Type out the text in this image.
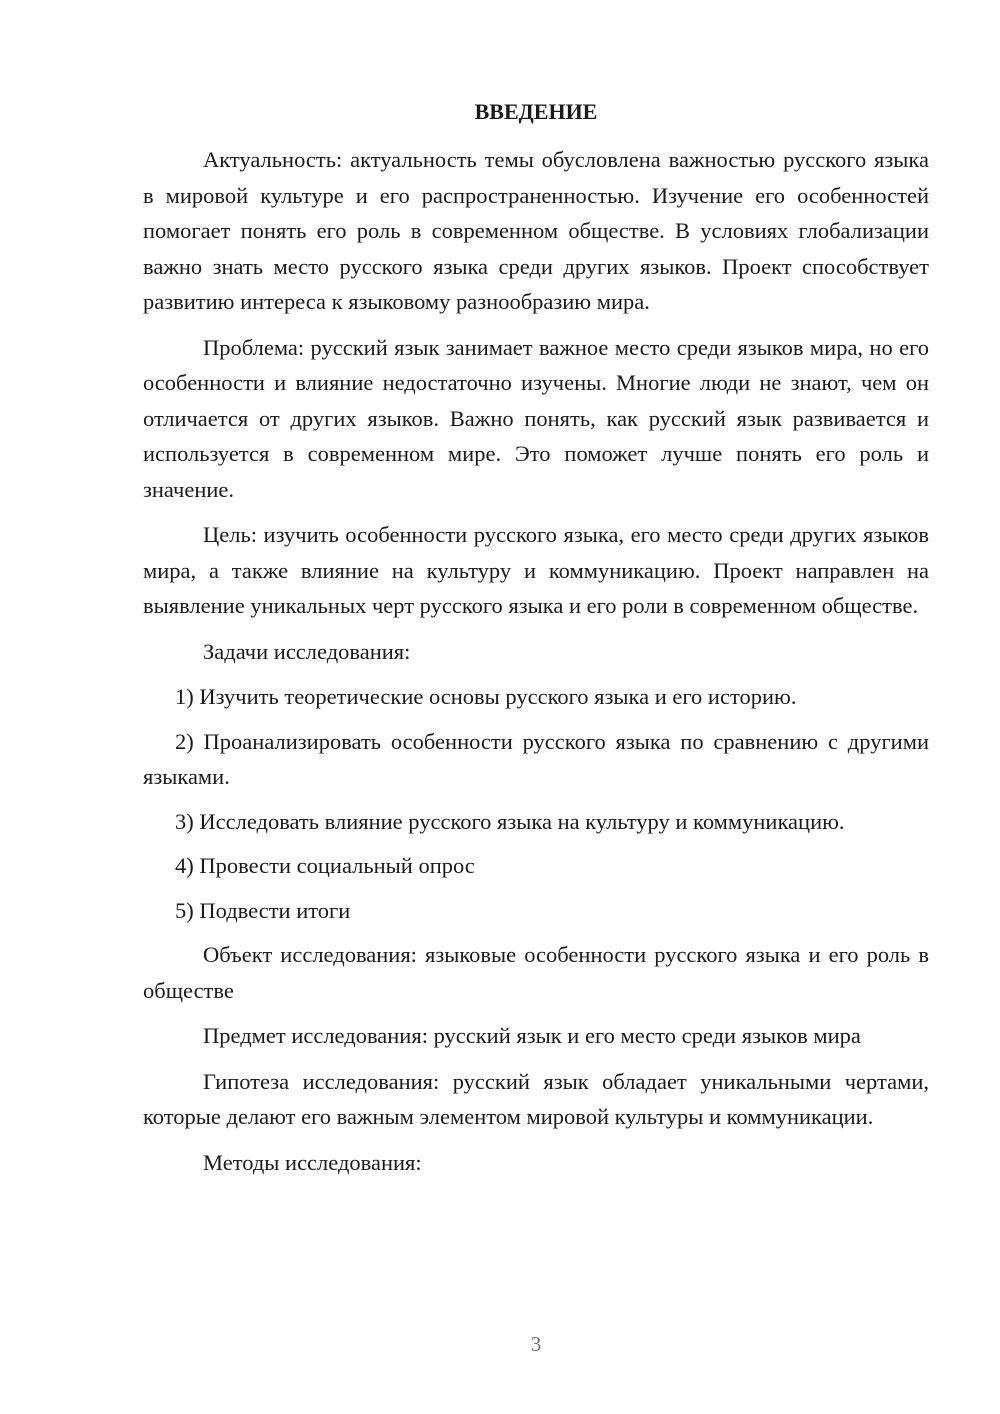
ВВЕДЕНИЕ

Актуальность: актуальность темы обусловлена важностью русского языка в мировой культуре и его распространенностью. Изучение его особенностей помогает понять его роль в современном обществе. В условиях глобализации важно знать место русского языка среди других языков. Проект способствует развитию интереса к языковому разнообразию мира.

Проблема: русский язык занимает важное место среди языков мира, но его особенности и влияние недостаточно изучены. Многие люди не знают, чем он отличается от других языков. Важно понять, как русский язык развивается и используется в современном мире. Это поможет лучше понять его роль и значение.

Цель: изучить особенности русского языка, его место среди других языков мира, а также влияние на культуру и коммуникацию. Проект направлен на выявление уникальных черт русского языка и его роли в современном обществе.

Задачи исследования:

1) Изучить теоретические основы русского языка и его историю.

2) Проанализировать особенности русского языка по сравнению с другими языками.

3) Исследовать влияние русского языка на культуру и коммуникацию.

4) Провести социальный опрос

5) Подвести итоги

Объект исследования: языковые особенности русского языка и его роль в обществе

Предмет исследования: русский язык и его место среди языков мира

Гипотеза исследования: русский язык обладает уникальными чертами, которые делают его важным элементом мировой культуры и коммуникации.

Методы исследования:

3
